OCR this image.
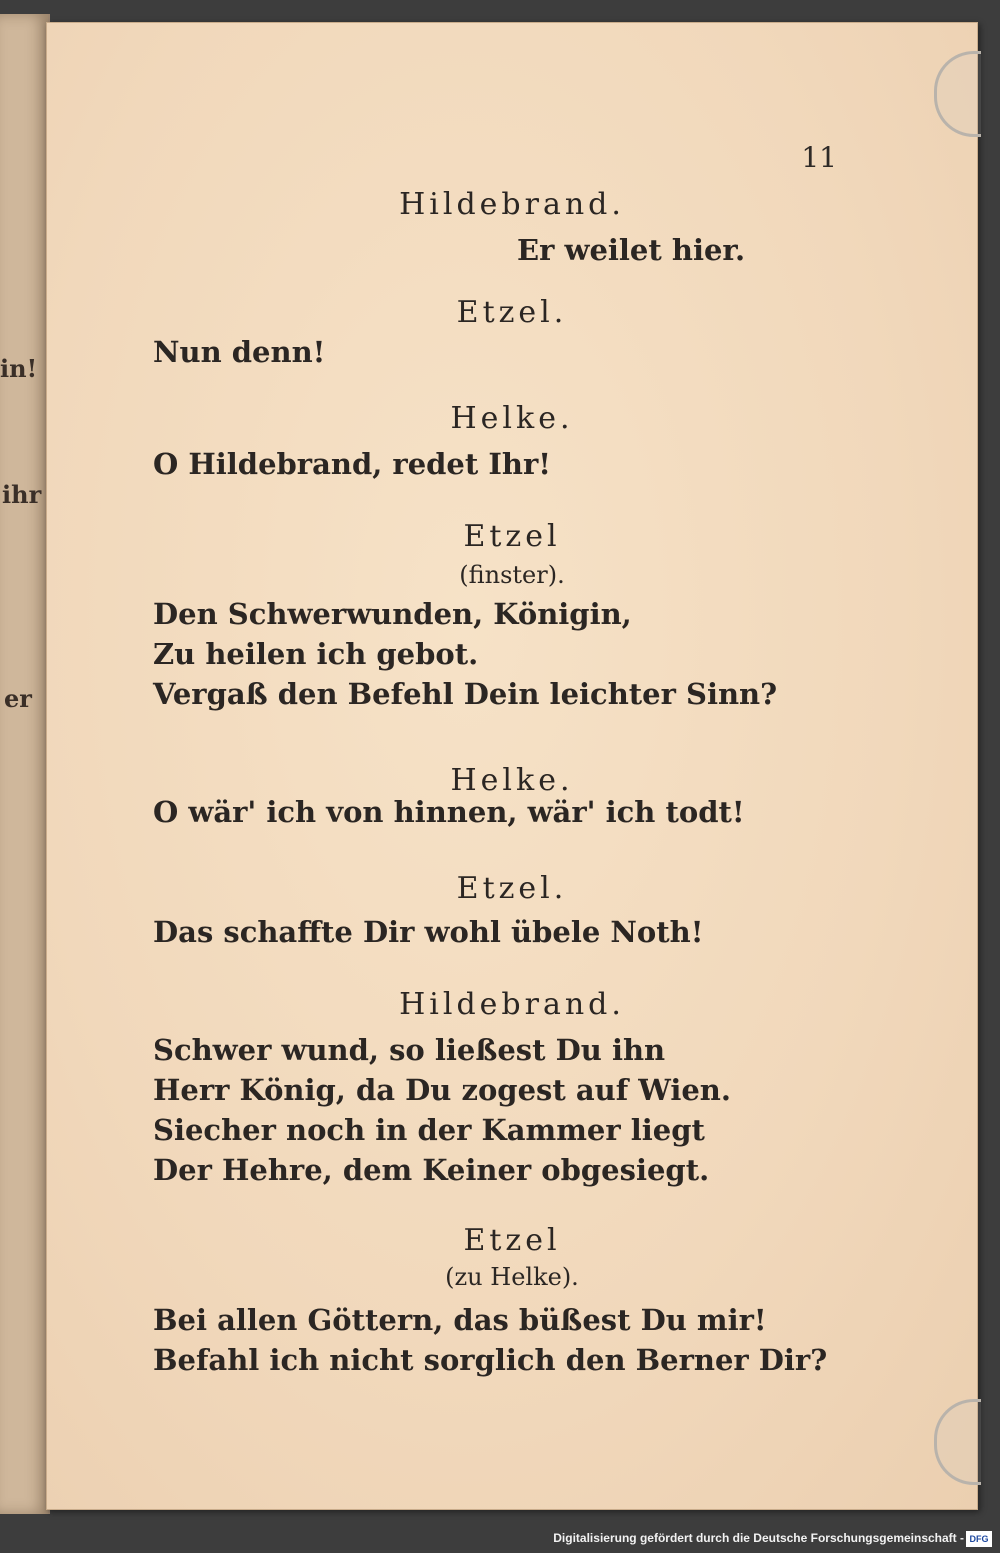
in!
ihr
er
11
Hildebrand.
Er weilet hier.
Etzel.
Nun denn!
Helke.
O Hildebrand, redet Ihr!
Etzel
(finster).
Den Schwerwunden, Königin,
Zu heilen ich gebot.
Vergaß den Befehl Dein leichter Sinn?
Helke.
O wär' ich von hinnen, wär' ich todt!
Etzel.
Das schaffte Dir wohl übele Noth!
Hildebrand.
Schwer wund, so ließest Du ihn
Herr König, da Du zogest auf Wien.
Siecher noch in der Kammer liegt
Der Hehre, dem Keiner obgesiegt.
Etzel
(zu Helke).
Bei allen Göttern, das büßest Du mir!
Befahl ich nicht sorglich den Berner Dir?
Digitalisierung gefördert durch die Deutsche Forschungsgemeinschaft - DFG
